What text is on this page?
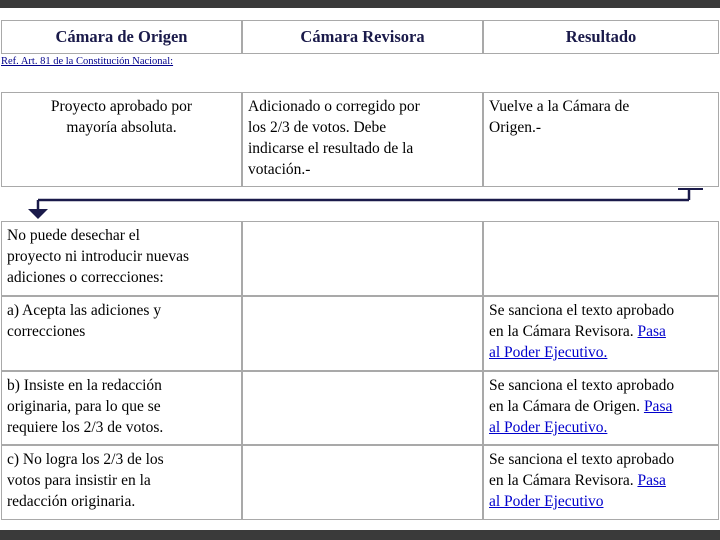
Cámara de Origen	Cámara Revisora	Resultado
Ref. Art. 81 de la Constitución Nacional:
Proyecto aprobado por
mayoría absoluta.
Adicionado o corregido por
los 2/3 de votos. Debe
indicarse el resultado de la
votación.-
Vuelve a la Cámara de
Origen.-
No puede desechar el
proyecto ni introducir nuevas
adiciones o correcciones:
a) Acepta las adiciones y
correcciones
Se sanciona el texto aprobado
en la Cámara Revisora. Pasa
al Poder Ejecutivo.
b) Insiste en la redacción
originaria, para lo que se
requiere los 2/3 de votos.
Se sanciona el texto aprobado
en la Cámara de Origen. Pasa
al Poder Ejecutivo.
c) No logra los 2/3 de los
votos para insistir en la
redacción originaria.
Se sanciona el texto aprobado
en la Cámara Revisora. Pasa
al Poder Ejecutivo
